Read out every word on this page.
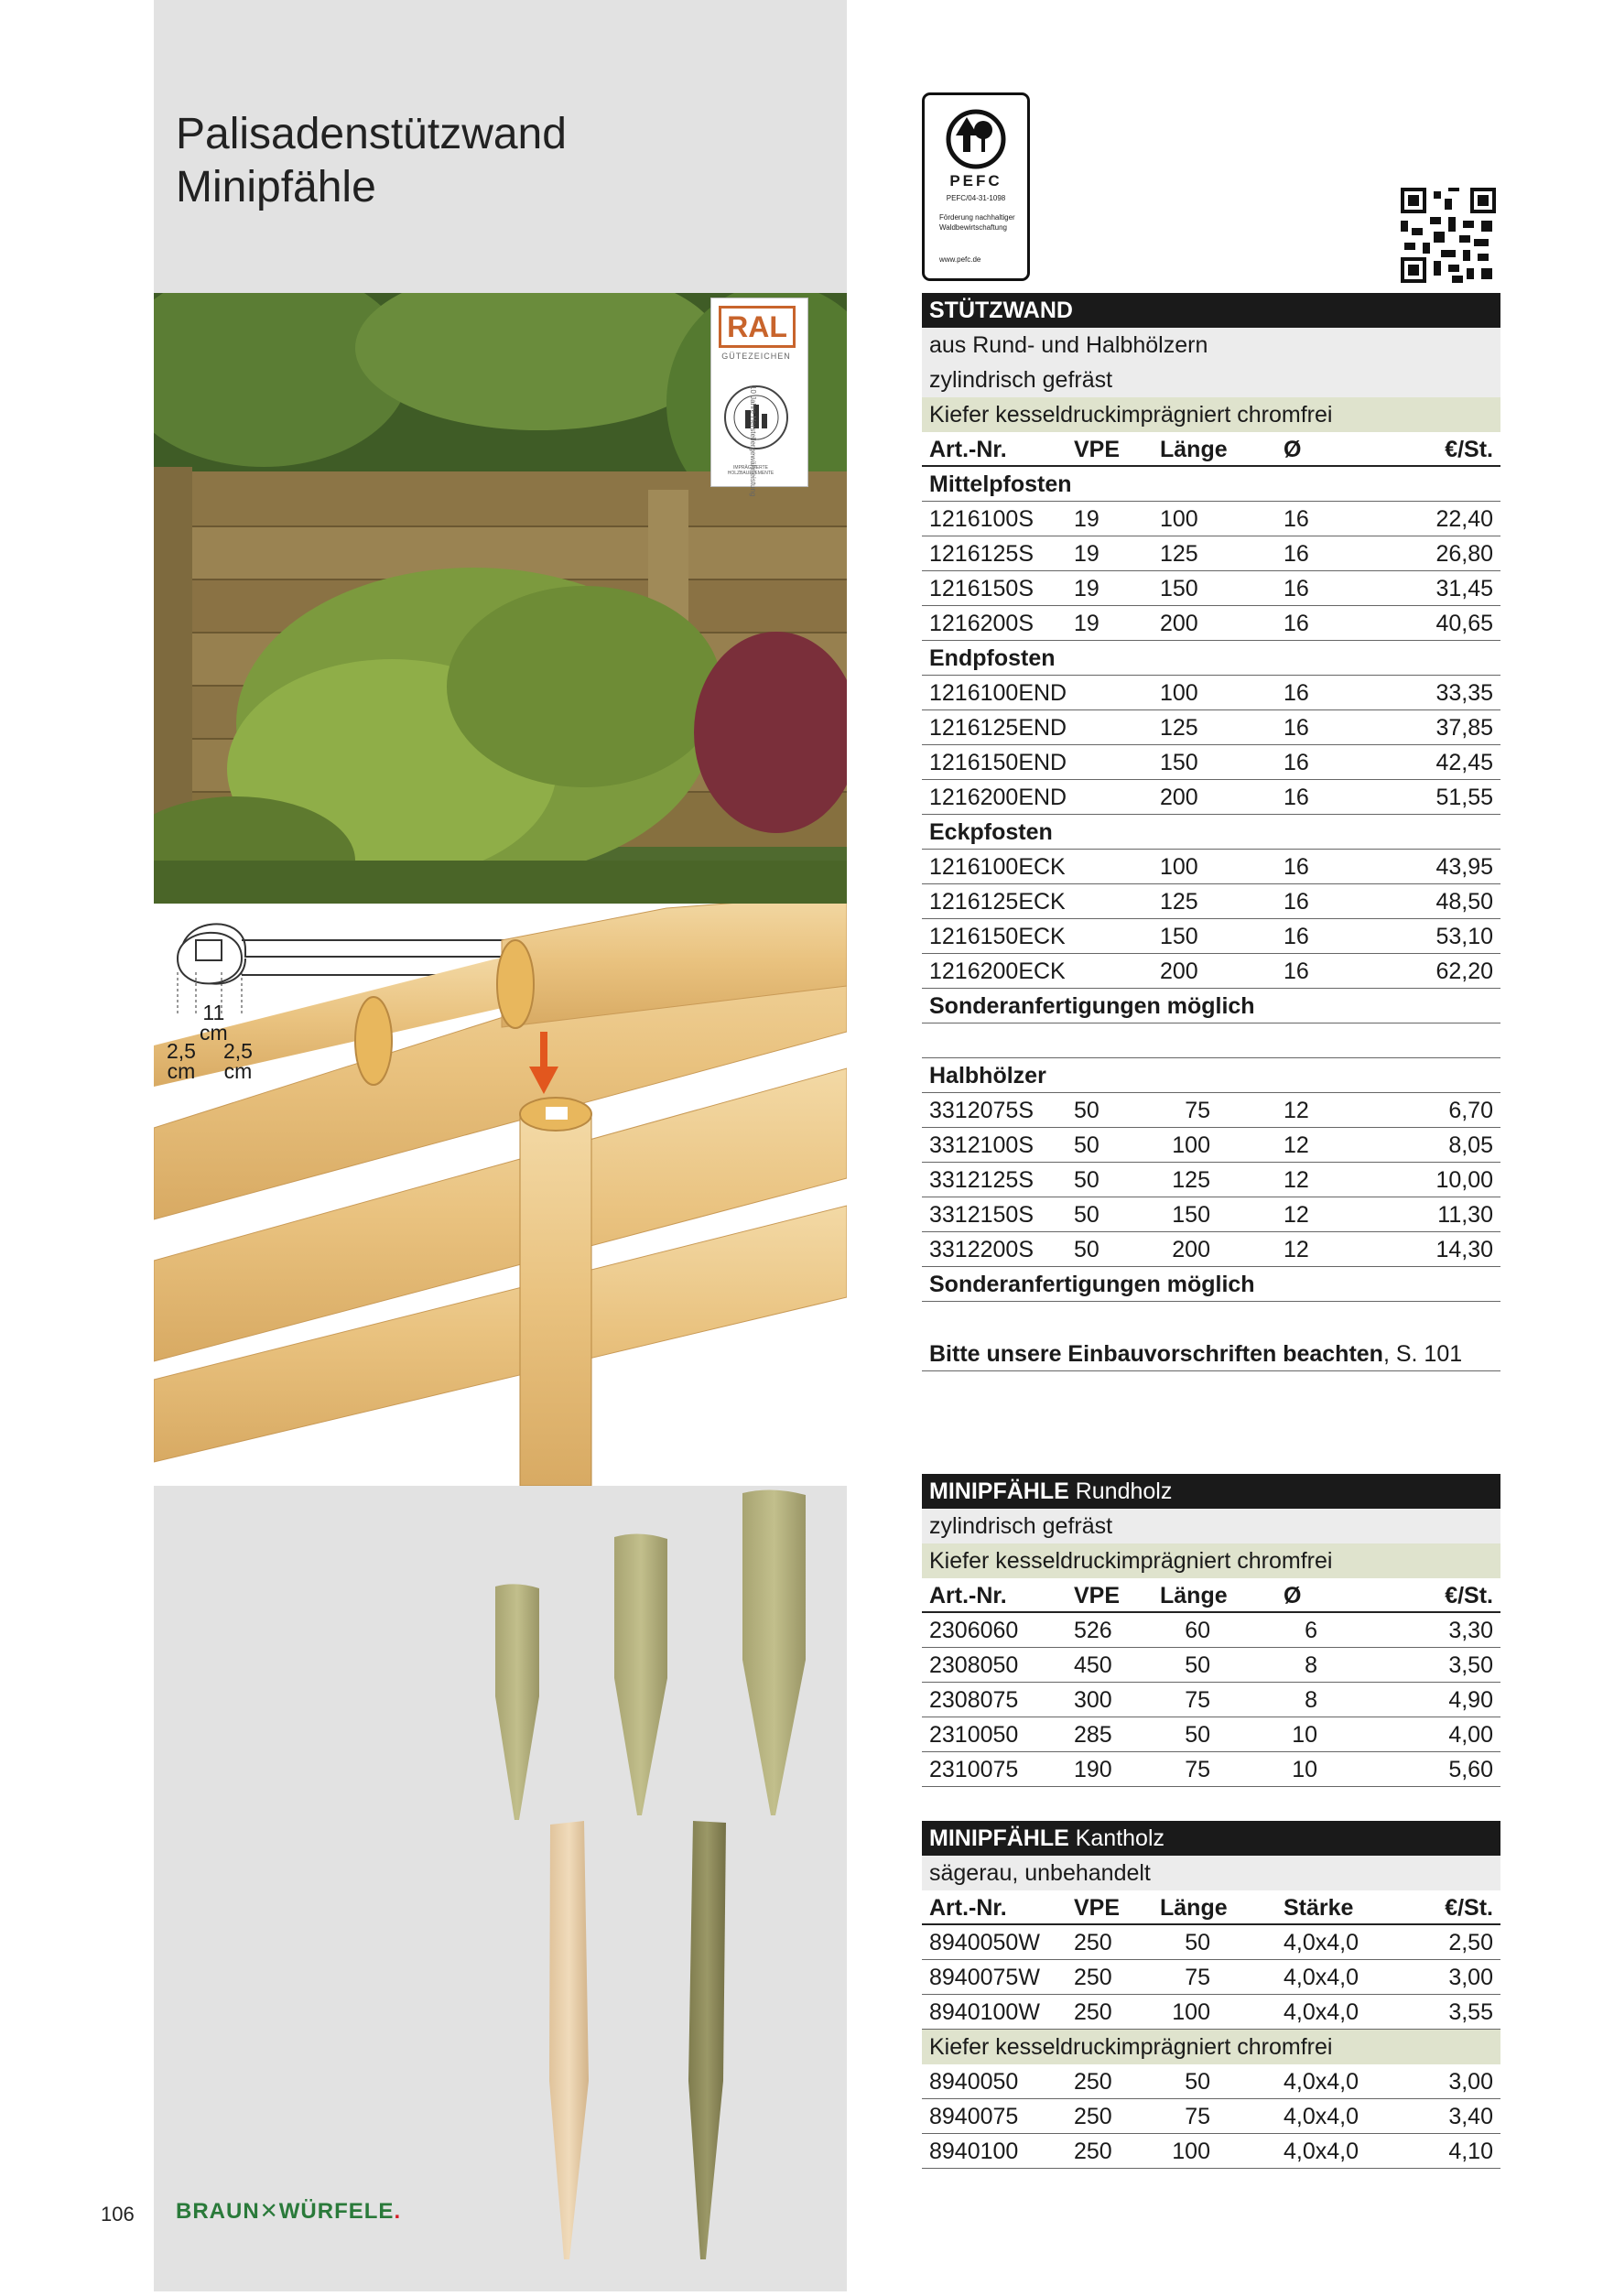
Palisadenstützwand
Minipfähle
RAL
GÜTEZEICHEN
IMPRÄGNIERTE HOLZBAUELEMENTE
10 Jahre Herstellergewährleistung
11
cm
2,5
cm
2,5
cm
106 BRAUN✕WÜRFELE.
PEFC
PEFC/04-31-1098
Förderung nachhaltiger Waldbewirtschaftung
www.pefc.de
STÜTZWAND
aus Rund- und Halbhölzern
zylindrisch gefräst
Kiefer kesseldruckimprägniert chromfrei
Art.-Nr.	VPE Länge Ø	€/St.
Mittelpfosten
1216100S 19	100	16	22,40
1216125S 19	125	16	26,80
1216150S 19	150	16	31,45
1216200S 19	200	16	40,65
Endpfosten
1216100END	100	16	33,35
1216125END	125	16	37,85
1216150END	150	16	42,45
1216200END	200	16	51,55
Eckpfosten
1216100ECK	100	16	43,95
1216125ECK	125	16	48,50
1216150ECK	150	16	53,10
1216200ECK	200	16	62,20
Sonderanfertigungen möglich
Halbhölzer
3312075S 50	75	12	6,70
3312100S 50	100	12	8,05
3312125S 50	125	12	10,00
3312150S 50	150	12	11,30
3312200S 50	200	12	14,30
Sonderanfertigungen möglich
Bitte unsere Einbauvorschriften beachten, S. 101
MINIPFÄHLE Rundholz
zylindrisch gefräst
Kiefer kesseldruckimprägniert chromfrei
Art.-Nr.	VPE Länge Ø	€/St.
2306060 526	60	6	3,30
2308050 450	50	8	3,50
2308075 300	75	8	4,90
2310050 285	50	10	4,00
2310075 190	75	10	5,60
MINIPFÄHLE Kantholz
sägerau, unbehandelt
Art.-Nr.	VPE Länge Stärke	€/St.
8940050W 250	50	4,0x4,0	2,50
8940075W 250	75	4,0x4,0	3,00
8940100W 250	100	4,0x4,0	3,55
Kiefer kesseldruckimprägniert chromfrei
8940050 250	50	4,0x4,0	3,00
8940075 250	75	4,0x4,0	3,40
8940100 250	100	4,0x4,0	4,10
